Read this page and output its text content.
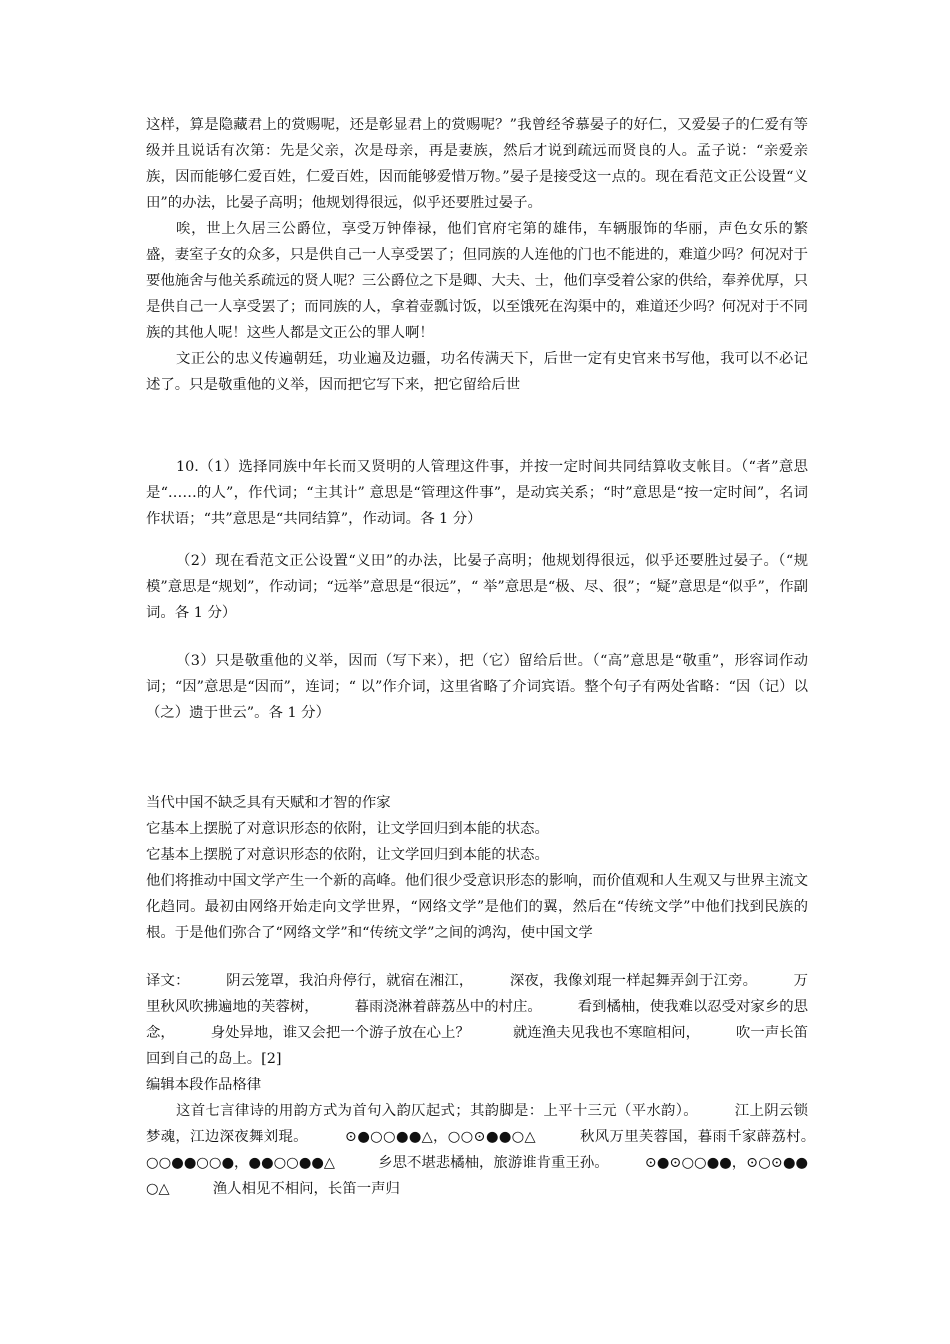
这样，算是隐藏君上的赏赐呢，还是彰显君上的赏赐呢？”我曾经爷慕晏子的好仁，又爱晏子的仁爱有等级并且说话有次第：先是父亲，次是母亲，再是妻族，然后才说到疏远而贤良的人。孟子说：“亲爱亲族，因而能够仁爱百姓，仁爱百姓，因而能够爱惜万物。”晏子是接受这一点的。现在看范文正公设置“义田”的办法，比晏子高明；他规划得很远，似乎还要胜过晏子。

唉，世上久居三公爵位，享受万钟俸禄，他们官府宅第的雄伟，车辆服饰的华丽，声色女乐的繁盛，妻室子女的众多，只是供自己一人享受罢了；但同族的人连他的门也不能进的，难道少吗？何况对于要他施舍与他关系疏远的贤人呢？三公爵位之下是卿、大夫、士，他们享受着公家的供给，奉养优厚，只是供自己一人享受罢了；而同族的人，拿着壶瓢讨饭，以至饿死在沟渠中的，难道还少吗？何况对于不同族的其他人呢！这些人都是文正公的罪人啊！

文正公的忠义传遍朝廷，功业遍及边疆，功名传满天下，后世一定有史官来书写他，我可以不必记述了。只是敬重他的义举，因而把它写下来，把它留给后世

10.（1）选择同族中年长而又贤明的人管理这件事，并按一定时间共同结算收支帐目。（“者”意思是“……的人”，作代词；“主其计” 意思是“管理这件事”，是动宾关系；“时”意思是“按一定时间”，名词作状语；“共”意思是“共同结算”，作动词。各 1 分）

（2）现在看范文正公设置“义田”的办法，比晏子高明；他规划得很远，似乎还要胜过晏子。（“规模”意思是“规划”，作动词；“远举”意思是“很远”，“ 举”意思是“极、尽、很”；“疑”意思是“似乎”，作副词。各 1 分）

（3）只是敬重他的义举，因而（写下来），把（它）留给后世。（“高”意思是“敬重”，形容词作动词；“因”意思是“因而”，连词；“ 以”作介词，这里省略了介词宾语。整个句子有两处省略：“因（记）以（之）遗于世云”。各 1 分）

当代中国不缺乏具有天赋和才智的作家

它基本上摆脱了对意识形态的依附，让文学回归到本能的状态。

它基本上摆脱了对意识形态的依附，让文学回归到本能的状态。

他们将推动中国文学产生一个新的高峰。他们很少受意识形态的影响，而价值观和人生观又与世界主流文化趋同。最初由网络开始走向文学世界，“网络文学”是他们的翼，然后在“传统文学”中他们找到民族的根。于是他们弥合了“网络文学”和“传统文学”之间的鸿沟，使中国文学

译文：　　　阴云笼罩，我泊舟停行，就宿在湘江，　　　深夜，我像刘琨一样起舞弄剑于江旁。　　　万里秋风吹拂遍地的芙蓉树，　　　暮雨浇淋着薜荔丛中的村庄。　　　看到橘柚，使我难以忍受对家乡的思念，　　　身处异地，谁又会把一个游子放在心上？　　　就连渔夫见我也不寒暄相问，　　　吹一声长笛回到自己的岛上。[2]

编辑本段作品格律

这首七言律诗的用韵方式为首句入韵仄起式；其韵脚是：上平十三元（平水韵）。　　　江上阴云锁梦魂，江边深夜舞刘琨。　　　⊙●○○●●△，○○⊙●●○△　　　秋风万里芙蓉国，暮雨千家薜荔村。　　　○○●●○○●，●●○○●●△　　　乡思不堪悲橘柚，旅游谁肯重王孙。　　　⊙●⊙○○●●，⊙○⊙●●○△　　　渔人相见不相问，长笛一声归
